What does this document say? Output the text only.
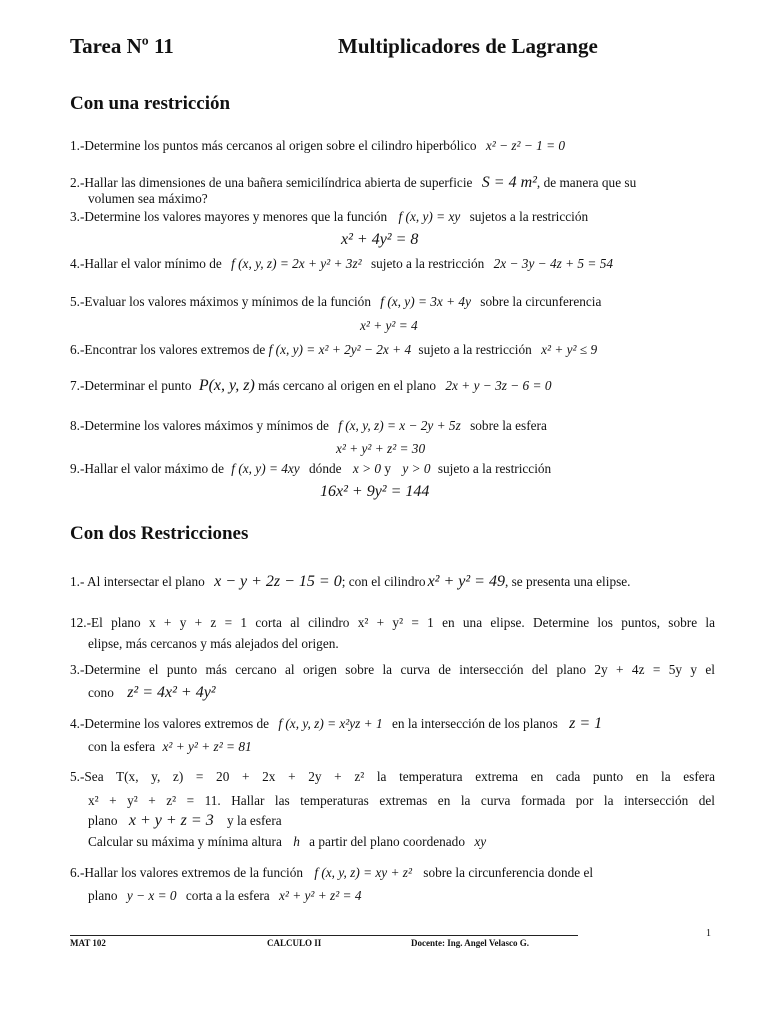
Tarea Nº 11	Multiplicadores de Lagrange
Con una restricción
1.-Determine los puntos más cercanos al origen sobre el cilindro hiperbólico x² − z² − 1 = 0
2.-Hallar las dimensiones de una bañera semicilíndrica abierta de superficie S = 4 m², de manera que su
volumen sea máximo?
3.-Determine los valores mayores y menores que la función f (x, y) = xy sujetos a la restricción
x² + 4y² = 8
4.-Hallar el valor mínimo de f (x, y, z) = 2x + y² + 3z² sujeto a la restricción 2x − 3y − 4z + 5 = 54
5.-Evaluar los valores máximos y mínimos de la función f (x, y) = 3x + 4y sobre la circunferencia
x² + y² = 4
6.-Encontrar los valores extremos de f (x, y) = x² + 2y² − 2x + 4 sujeto a la restricción x² + y² ≤ 9
7.-Determinar el punto P(x, y, z) más cercano al origen en el plano 2x + y − 3z − 6 = 0
8.-Determine los valores máximos y mínimos de f (x, y, z) = x − 2y + 5z sobre la esfera
x² + y² + z² = 30
9.-Hallar el valor máximo de f (x, y) = 4xy dónde x > 0 y y > 0 sujeto a la restricción
16x² + 9y² = 144
Con dos Restricciones
1.- Al intersectar el plano x − y + 2z − 15 = 0; con el cilindro x² + y² = 49, se presenta una elipse.
12.-El plano x + y + z = 1 corta al cilindro x² + y² = 1 en una elipse. Determine los puntos, sobre la
elipse, más cercanos y más alejados del origen.
3.-Determine el punto más cercano al origen sobre la curva de intersección del plano 2y + 4z = 5y y el
cono z² = 4x² + 4y²
4.-Determine los valores extremos de f (x, y, z) = x²yz + 1 en la intersección de los planos z = 1
con la esfera x² + y² + z² = 81
5.-Sea T(x, y, z) = 20 + 2x + 2y + z² la temperatura extrema en cada punto en la esfera
x² + y² + z² = 11. Hallar las temperaturas extremas en la curva formada por la intersección del
plano x + y + z = 3 y la esfera
Calcular su máxima y mínima altura h a partir del plano coordenado xy
6.-Hallar los valores extremos de la función f (x, y, z) = xy + z² sobre la circunferencia donde el
plano y − x = 0 corta a la esfera x² + y² + z² = 4
1
MAT 102	CALCULO II	Docente: Ing. Angel Velasco G.
